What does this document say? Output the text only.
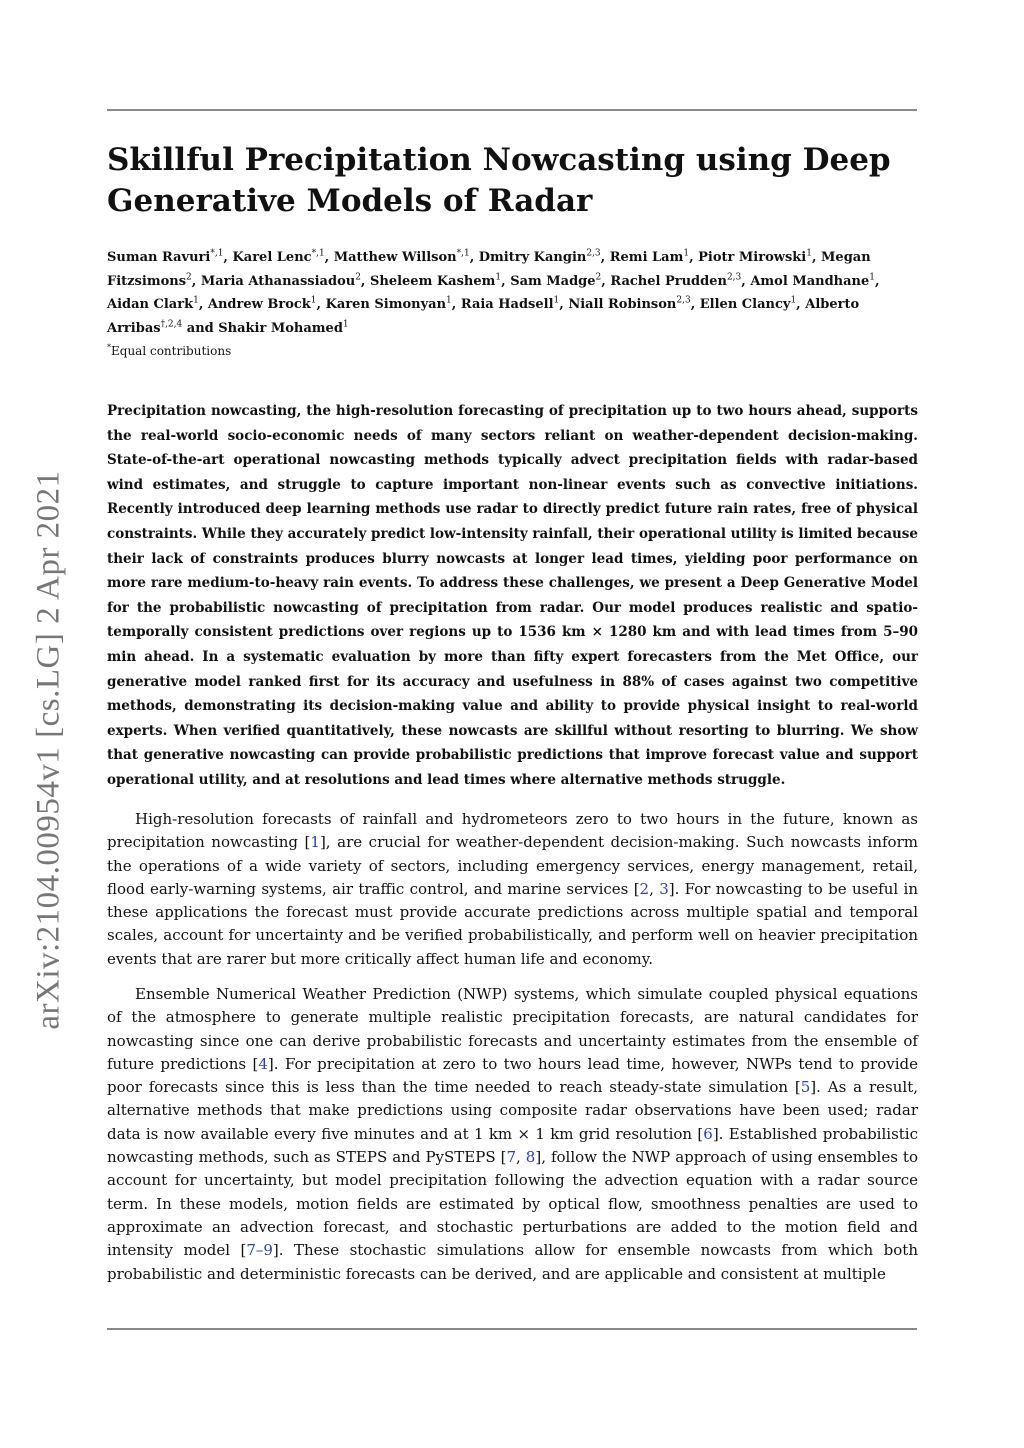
arXiv:2104.00954v1 [cs.LG] 2 Apr 2021
Skillful Precipitation Nowcasting using Deep Generative Models of Radar
Suman Ravuri$^{*,1}$, Karel Lenc$^{*,1}$, Matthew Willson$^{*,1}$, Dmitry Kangin$^{2,3}$, Remi Lam$^1$, Piotr Mirowski$^1$, Megan Fitzsimons$^2$, Maria Athanassiadou$^2$, Sheleem Kashem$^1$, Sam Madge$^2$, Rachel Prudden$^{2,3}$, Amol Mandhane$^1$, Aidan Clark$^1$, Andrew Brock$^1$, Karen Simonyan$^1$, Raia Hadsell$^1$, Niall Robinson$^{2,3}$, Ellen Clancy$^1$, Alberto Arribas$^{\dagger,2,4}$ and Shakir Mohamed$^1$
*Equal contributions

Precipitation nowcasting, the high-resolution forecasting of precipitation up to two hours ahead, supports the real-world socio-economic needs of many sectors reliant on weather-dependent decision-making. State-of-the-art operational nowcasting methods typically advect precipitation fields with radar-based wind estimates, and struggle to capture important non-linear events such as convective initiations. Recently introduced deep learning methods use radar to directly predict future rain rates, free of physical constraints. While they accurately predict low-intensity rainfall, their operational utility is limited because their lack of constraints produces blurry nowcasts at longer lead times, yielding poor performance on more rare medium-to-heavy rain events. To address these challenges, we present a Deep Generative Model for the probabilistic nowcasting of precipitation from radar. Our model produces realistic and spatio-temporally consistent predictions over regions up to 1536 km × 1280 km and with lead times from 5–90 min ahead. In a systematic evaluation by more than fifty expert forecasters from the Met Office, our generative model ranked first for its accuracy and usefulness in 88% of cases against two competitive methods, demonstrating its decision-making value and ability to provide physical insight to real-world experts. When verified quantitatively, these nowcasts are skillful without resorting to blurring. We show that generative nowcasting can provide probabilistic predictions that improve forecast value and support operational utility, and at resolutions and lead times where alternative methods struggle.

High-resolution forecasts of rainfall and hydrometeors zero to two hours in the future, known as precipitation nowcasting [1], are crucial for weather-dependent decision-making. Such nowcasts inform the operations of a wide variety of sectors, including emergency services, energy management, retail, flood early-warning systems, air traffic control, and marine services [2, 3]. For nowcasting to be useful in these applications the forecast must provide accurate predictions across multiple spatial and temporal scales, account for uncertainty and be verified probabilistically, and perform well on heavier precipitation events that are rarer but more critically affect human life and economy.

Ensemble Numerical Weather Prediction (NWP) systems, which simulate coupled physical equations of the atmosphere to generate multiple realistic precipitation forecasts, are natural candidates for nowcasting since one can derive probabilistic forecasts and uncertainty estimates from the ensemble of future predictions [4]. For precipitation at zero to two hours lead time, however, NWPs tend to provide poor forecasts since this is less than the time needed to reach steady-state simulation [5]. As a result, alternative methods that make predictions using composite radar observations have been used; radar data is now available every five minutes and at 1 km × 1 km grid resolution [6]. Established probabilistic nowcasting methods, such as STEPS and PySTEPS [7, 8], follow the NWP approach of using ensembles to account for uncertainty, but model precipitation following the advection equation with a radar source term. In these models, motion fields are estimated by optical flow, smoothness penalties are used to approximate an advection forecast, and stochastic perturbations are added to the motion field and intensity model [7–9]. These stochastic simulations allow for ensemble nowcasts from which both probabilistic and deterministic forecasts can be derived, and are applicable and consistent at multiple
